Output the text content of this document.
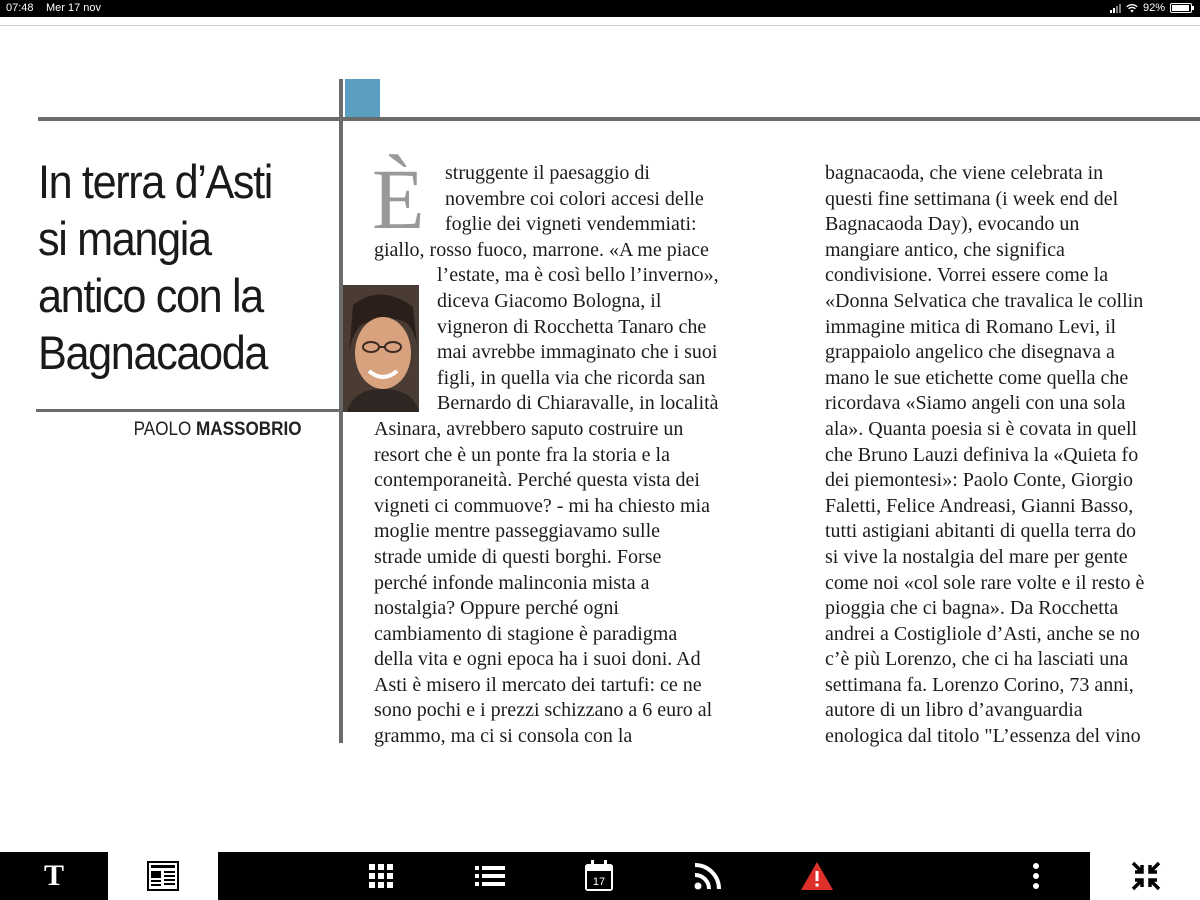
07:48 Mer 17 nov	92%
In terra d’Asti
si mangia
antico con la
Bagnacaoda
PAOLO MASSOBRIO
È	struggente il paesaggio di
novembre coi colori accesi delle
foglie dei vigneti vendemmiati:
giallo, rosso fuoco, marrone. «A me piace
l’estate, ma è così bello l’inverno»,
diceva Giacomo Bologna, il
vigneron di Rocchetta Tanaro che
mai avrebbe immaginato che i suoi
figli, in quella via che ricorda san
Bernardo di Chiaravalle, in località
Asinara, avrebbero saputo costruire un
resort che è un ponte fra la storia e la
contemporaneità. Perché questa vista dei
vigneti ci commuove? - mi ha chiesto mia
moglie mentre passeggiavamo sulle
strade umide di questi borghi. Forse
perché infonde malinconia mista a
nostalgia? Oppure perché ogni
cambiamento di stagione è paradigma
della vita e ogni epoca ha i suoi doni. Ad
Asti è misero il mercato dei tartufi: ce ne
sono pochi e i prezzi schizzano a 6 euro al
grammo, ma ci si consola con la
bagnacaoda, che viene celebrata in
questi fine settimana (i week end del
Bagnacaoda Day), evocando un
mangiare antico, che significa
condivisione. Vorrei essere come la
«Donna Selvatica che travalica le collin
immagine mitica di Romano Levi, il
grappaiolo angelico che disegnava a
mano le sue etichette come quella che
ricordava «Siamo angeli con una sola
ala». Quanta poesia si è covata in quell
che Bruno Lauzi definiva la «Quieta fo
dei piemontesi»: Paolo Conte, Giorgio
Faletti, Felice Andreasi, Gianni Basso,
tutti astigiani abitanti di quella terra do
si vive la nostalgia del mare per gente
come noi «col sole rare volte e il resto è
pioggia che ci bagna». Da Rocchetta
andrei a Costigliole d’Asti, anche se no
c’è più Lorenzo, che ci ha lasciati una
settimana fa. Lorenzo Corino, 73 anni,
autore di un libro d’avanguardia
enologica dal titolo "L’essenza del vino
T	17
